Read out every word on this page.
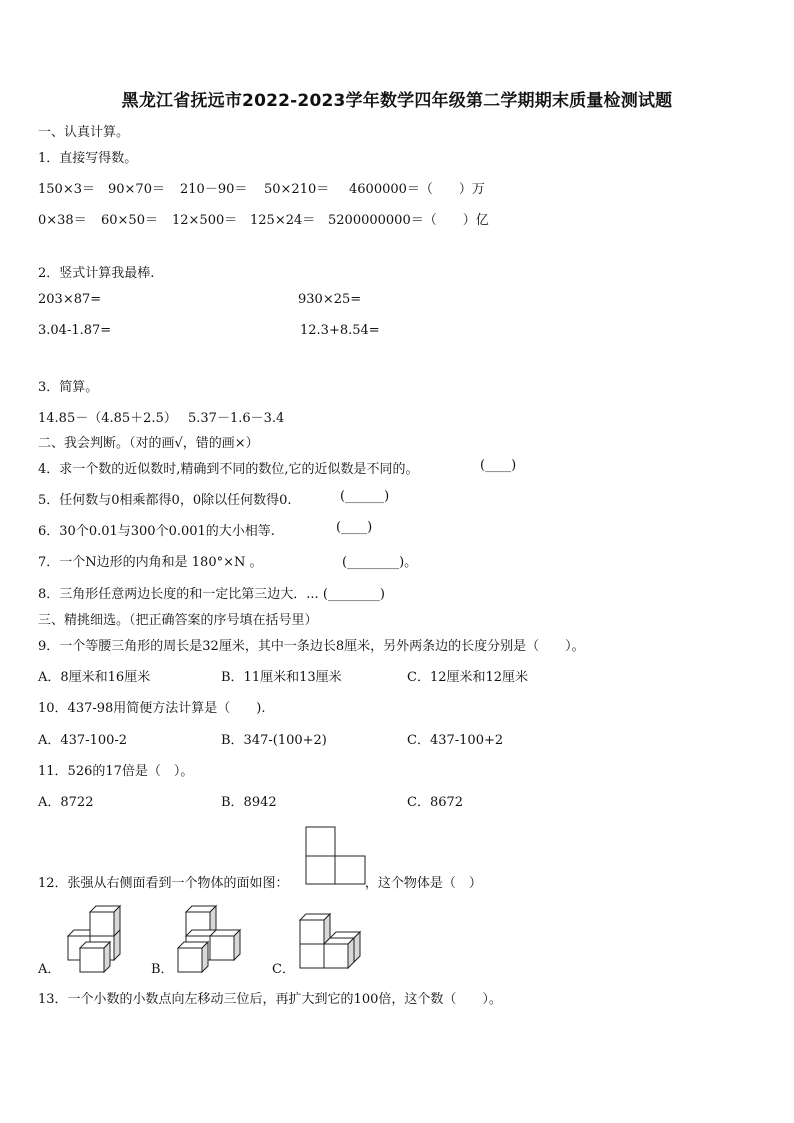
黑龙江省抚远市2022-2023学年数学四年级第二学期期末质量检测试题
一、认真计算。
1．直接写得数。
150×3＝ 90×70＝ 210－90＝ 50×210＝ 4600000＝（　　）万
0×38＝ 60×50＝ 12×500＝ 125×24＝ 5200000000＝（　　）亿
2．竖式计算我最棒.
203×87=	930×25=
3.04-1.87=	12.3+8.54=
3．简算。
14.85－（4.85＋2.5） 5.37－1.6－3.4
二、我会判断。（对的画√，错的画×）
4．求一个数的近似数时,精确到不同的数位,它的近似数是不同的。	(____)
5．任何数与0相乘都得0，0除以任何数得0.	(______)
6．30个0.01与300个0.001的大小相等.	(____)
7．一个N边形的内角和是 180°×N 。	(________)。
8．三角形任意两边长度的和一定比第三边大．... (________)
三、精挑细选。（把正确答案的序号填在括号里）
9．一个等腰三角形的周长是32厘米，其中一条边长8厘米，另外两条边的长度分别是（　　）。
A．8厘米和16厘米	B．11厘米和13厘米	C．12厘米和12厘米
10．437-98用简便方法计算是（　　).
A．437-100-2	B．347-(100+2)	C．437-100+2
11．526的17倍是（　）。
A．8722	B．8942	C．8672
12．张强从右侧面看到一个物体的面如图：	，这个物体是（　）
A．	B．	C．
13．一个小数的小数点向左移动三位后，再扩大到它的100倍，这个数（　　）。
